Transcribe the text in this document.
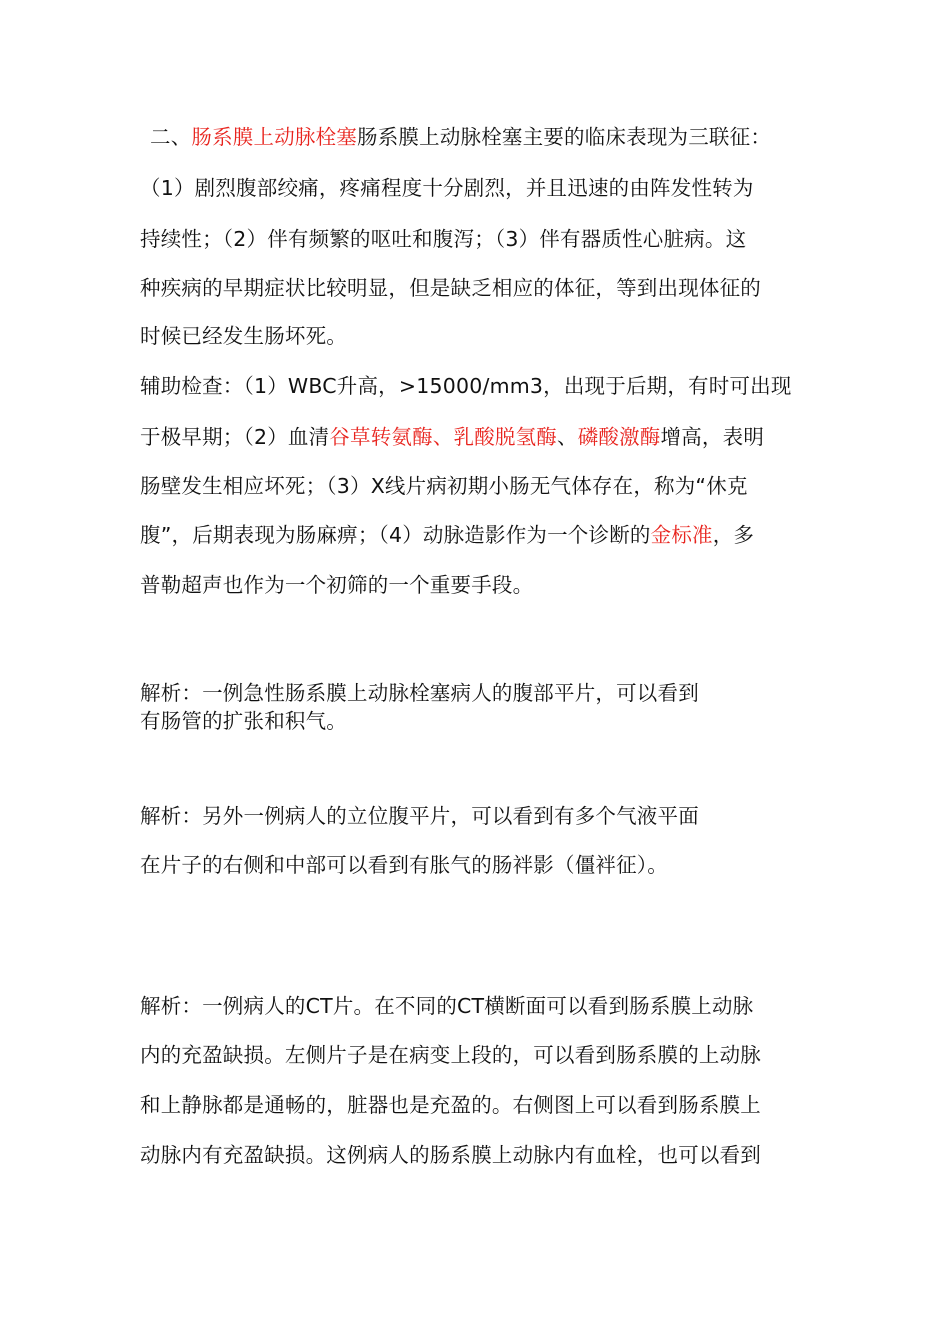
二、肠系膜上动脉栓塞肠系膜上动脉栓塞主要的临床表现为三联征：
（1）剧烈腹部绞痛，疼痛程度十分剧烈，并且迅速的由阵发性转为
持续性；（2）伴有频繁的呕吐和腹泻；（3）伴有器质性心脏病。这
种疾病的早期症状比较明显，但是缺乏相应的体征，等到出现体征的
时候已经发生肠坏死。
辅助检查：（1）WBC升高，>15000/mm3，出现于后期，有时可出现
于极早期；（2）血清谷草转氨酶、乳酸脱氢酶、磷酸激酶增高，表明
肠壁发生相应坏死；（3）X线片病初期小肠无气体存在，称为“休克
腹”，后期表现为肠麻痹；（4）动脉造影作为一个诊断的金标准，多
普勒超声也作为一个初筛的一个重要手段。
解析：一例急性肠系膜上动脉栓塞病人的腹部平片，可以看到
有肠管的扩张和积气。
解析：另外一例病人的立位腹平片，可以看到有多个气液平面
在片子的右侧和中部可以看到有胀气的肠袢影（僵袢征）。
解析：一例病人的CT片。在不同的CT横断面可以看到肠系膜上动脉
内的充盈缺损。左侧片子是在病变上段的，可以看到肠系膜的上动脉
和上静脉都是通畅的，脏器也是充盈的。右侧图上可以看到肠系膜上
动脉内有充盈缺损。这例病人的肠系膜上动脉内有血栓，也可以看到
